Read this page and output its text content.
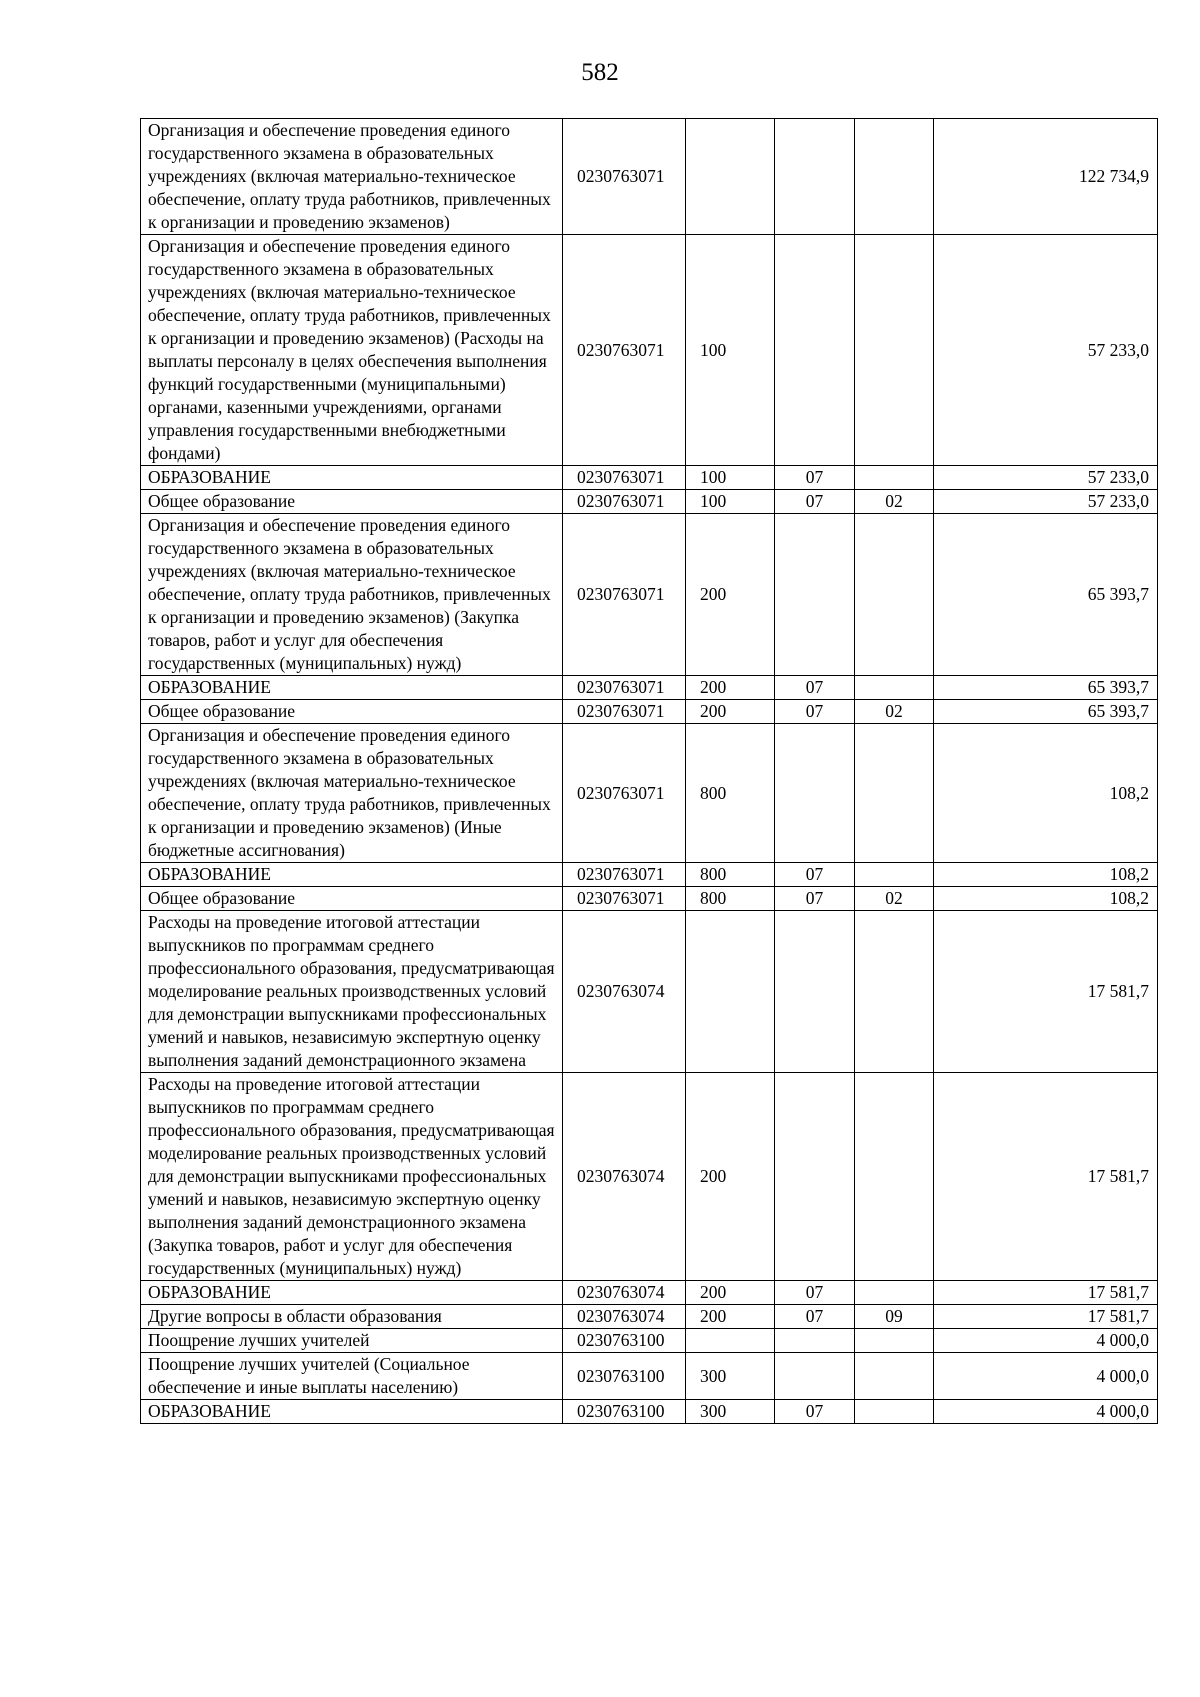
582
Организация и обеспечение проведения единого государственного экзамена в образовательных учреждениях (включая материально-техническое обеспечение, оплату труда работников, привлеченных к организации и проведению экзаменов)	0230763071				122 734,9
Организация и обеспечение проведения единого государственного экзамена в образовательных учреждениях (включая материально-техническое обеспечение, оплату труда работников, привлеченных к организации и проведению экзаменов) (Расходы на выплаты персоналу в целях обеспечения выполнения функций государственными (муниципальными) органами, казенными учреждениями, органами управления государственными внебюджетными фондами)	0230763071	100			57 233,0
ОБРАЗОВАНИЕ	0230763071	100	07		57 233,0
Общее образование	0230763071	100	07	02	57 233,0
Организация и обеспечение проведения единого государственного экзамена в образовательных учреждениях (включая материально-техническое обеспечение, оплату труда работников, привлеченных к организации и проведению экзаменов) (Закупка товаров, работ и услуг для обеспечения государственных (муниципальных) нужд)	0230763071	200			65 393,7
ОБРАЗОВАНИЕ	0230763071	200	07		65 393,7
Общее образование	0230763071	200	07	02	65 393,7
Организация и обеспечение проведения единого государственного экзамена в образовательных учреждениях (включая материально-техническое обеспечение, оплату труда работников, привлеченных к организации и проведению экзаменов) (Иные бюджетные ассигнования)	0230763071	800			108,2
ОБРАЗОВАНИЕ	0230763071	800	07		108,2
Общее образование	0230763071	800	07	02	108,2
Расходы на проведение итоговой аттестации выпускников по программам среднего профессионального образования, предусматривающая моделирование реальных производственных условий для демонстрации выпускниками профессиональных умений и навыков, независимую экспертную оценку выполнения заданий демонстрационного экзамена	0230763074				17 581,7
Расходы на проведение итоговой аттестации выпускников по программам среднего профессионального образования, предусматривающая моделирование реальных производственных условий для демонстрации выпускниками профессиональных умений и навыков, независимую экспертную оценку выполнения заданий демонстрационного экзамена (Закупка товаров, работ и услуг для обеспечения государственных (муниципальных) нужд)	0230763074	200			17 581,7
ОБРАЗОВАНИЕ	0230763074	200	07		17 581,7
Другие вопросы в области образования	0230763074	200	07	09	17 581,7
Поощрение лучших учителей	0230763100				4 000,0
Поощрение лучших учителей (Социальное обеспечение и иные выплаты населению)	0230763100	300			4 000,0
ОБРАЗОВАНИЕ	0230763100	300	07		4 000,0
